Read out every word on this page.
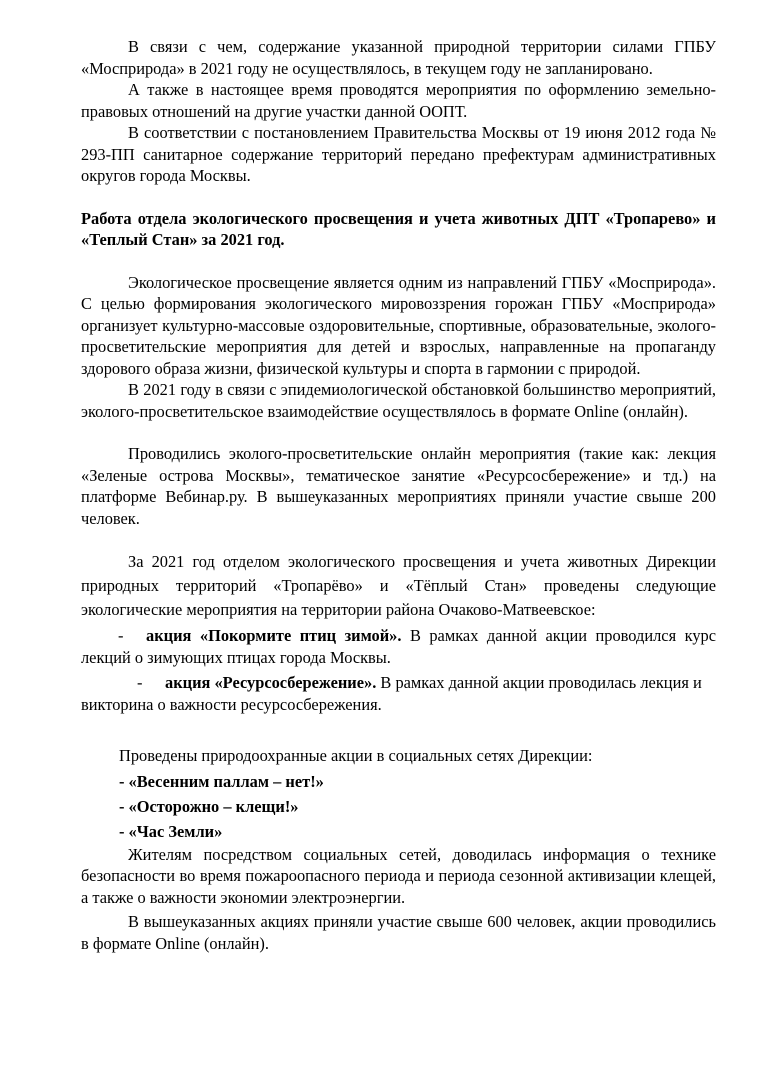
В связи с чем, содержание указанной природной территории силами ГПБУ «Мосприрода» в 2021 году не осуществлялось, в текущем году не запланировано.

А также в настоящее время проводятся мероприятия по оформлению земельно-правовых отношений на другие участки данной ООПТ.

В соответствии с постановлением Правительства Москвы от 19 июня 2012 года № 293-ПП санитарное содержание территорий передано префектурам административных округов города Москвы.

Работа отдела экологического просвещения и учета животных ДПТ «Тропарево» и «Теплый Стан» за 2021 год.

Экологическое просвещение является одним из направлений ГПБУ «Мосприрода». С целью формирования экологического мировоззрения горожан ГПБУ «Мосприрода» организует культурно-массовые оздоровительные, спортивные, образовательные, эколого-просветительские мероприятия для детей и взрослых, направленные на пропаганду здорового образа жизни, физической культуры и спорта в гармонии с природой.

В 2021 году в связи с эпидемиологической обстановкой большинство мероприятий, эколого-просветительское взаимодействие осуществлялось в формате Online (онлайн).

Проводились эколого-просветительские онлайн мероприятия (такие как: лекция «Зеленые острова Москвы», тематическое занятие «Ресурсосбережение» и тд.) на платформе Вебинар.ру. В вышеуказанных мероприятиях приняли участие свыше 200 человек.

За 2021 год отделом экологического просвещения и учета животных Дирекции природных территорий «Тропарёво» и «Тёплый Стан» проведены следующие экологические мероприятия на территории района Очаково-Матвеевское:

- акция «Покормите птиц зимой». В рамках данной акции проводился курс лекций о зимующих птицах города Москвы.

- акция «Ресурсосбережение». В рамках данной акции проводилась лекция и викторина о важности ресурсосбережения.

Проведены природоохранные акции в социальных сетях Дирекции:

- «Весенним паллам – нет!»
- «Осторожно – клещи!»
- «Час Земли»

Жителям посредством социальных сетей, доводилась информация о технике безопасности во время пожароопасного периода и периода сезонной активизации клещей, а также о важности экономии электроэнергии.

В вышеуказанных акциях приняли участие свыше 600 человек, акции проводились в формате Online (онлайн).
